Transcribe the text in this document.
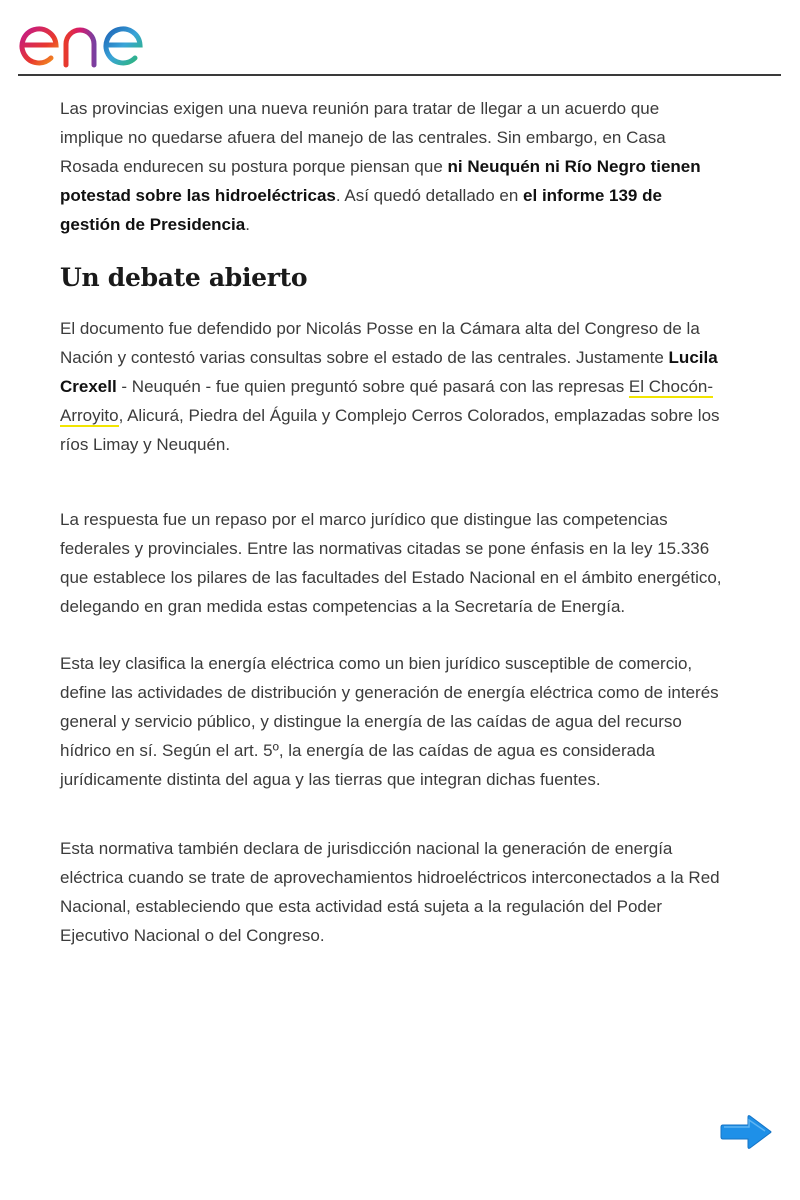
Las provincias exigen una nueva reunión para tratar de llegar a un acuerdo que implique no quedarse afuera del manejo de las centrales. Sin embargo, en Casa Rosada endurecen su postura porque piensan que ni Neuquén ni Río Negro tienen potestad sobre las hidroeléctricas. Así quedó detallado en el informe 139 de gestión de Presidencia.

Un debate abierto

El documento fue defendido por Nicolás Posse en la Cámara alta del Congreso de la Nación y contestó varias consultas sobre el estado de las centrales. Justamente Lucila Crexell - Neuquén - fue quien preguntó sobre qué pasará con las represas El Chocón-Arroyito, Alicurá, Piedra del Águila y Complejo Cerros Colorados, emplazadas sobre los ríos Limay y Neuquén.

La respuesta fue un repaso por el marco jurídico que distingue las competencias federales y provinciales. Entre las normativas citadas se pone énfasis en la ley 15.336 que establece los pilares de las facultades del Estado Nacional en el ámbito energético, delegando en gran medida estas competencias a la Secretaría de Energía.

Esta ley clasifica la energía eléctrica como un bien jurídico susceptible de comercio, define las actividades de distribución y generación de energía eléctrica como de interés general y servicio público, y distingue la energía de las caídas de agua del recurso hídrico en sí. Según el art. 5º, la energía de las caídas de agua es considerada jurídicamente distinta del agua y las tierras que integran dichas fuentes.

Esta normativa también declara de jurisdicción nacional la generación de energía eléctrica cuando se trate de aprovechamientos hidroeléctricos interconectados a la Red Nacional, estableciendo que esta actividad está sujeta a la regulación del Poder Ejecutivo Nacional o del Congreso.
